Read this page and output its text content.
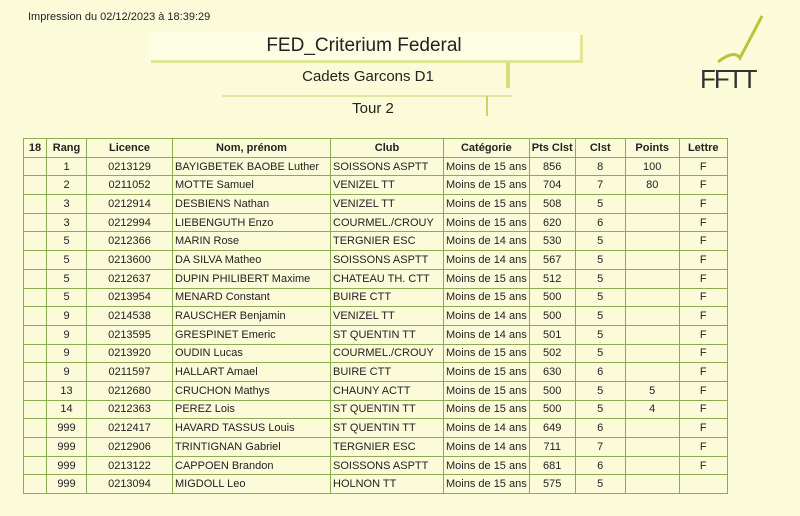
Impression du 02/12/2023 à 18:39:29
FED_Criterium Federal
Cadets Garcons D1
Tour 2
FFTT
18	Rang	Licence	Nom, prénom	Club	Catégorie	Pts Clst	Clst	Points	Lettre
	1	0213129	BAYIGBETEK BAOBE Luther	SOISSONS ASPTT	Moins de 15 ans	856	8	100	F
	2	0211052	MOTTE Samuel	VENIZEL TT	Moins de 15 ans	704	7	80	F
	3	0212914	DESBIENS Nathan	VENIZEL TT	Moins de 15 ans	508	5		F
	3	0212994	LIEBENGUTH Enzo	COURMEL./CROUY	Moins de 15 ans	620	6		F
	5	0212366	MARIN Rose	TERGNIER ESC	Moins de 14 ans	530	5		F
	5	0213600	DA SILVA Matheo	SOISSONS ASPTT	Moins de 14 ans	567	5		F
	5	0212637	DUPIN PHILIBERT Maxime	CHATEAU TH. CTT	Moins de 15 ans	512	5		F
	5	0213954	MENARD Constant	BUIRE CTT	Moins de 15 ans	500	5		F
	9	0214538	RAUSCHER Benjamin	VENIZEL TT	Moins de 14 ans	500	5		F
	9	0213595	GRESPINET Emeric	ST QUENTIN TT	Moins de 14 ans	501	5		F
	9	0213920	OUDIN Lucas	COURMEL./CROUY	Moins de 15 ans	502	5		F
	9	0211597	HALLART Amael	BUIRE CTT	Moins de 15 ans	630	6		F
	13	0212680	CRUCHON Mathys	CHAUNY ACTT	Moins de 15 ans	500	5	5	F
	14	0212363	PEREZ Lois	ST QUENTIN TT	Moins de 15 ans	500	5	4	F
	999	0212417	HAVARD TASSUS Louis	ST QUENTIN TT	Moins de 14 ans	649	6		F
	999	0212906	TRINTIGNAN Gabriel	TERGNIER ESC	Moins de 14 ans	711	7		F
	999	0213122	CAPPOEN Brandon	SOISSONS ASPTT	Moins de 15 ans	681	6		F
	999	0213094	MIGDOLL Leo	HOLNON TT	Moins de 15 ans	575	5		
